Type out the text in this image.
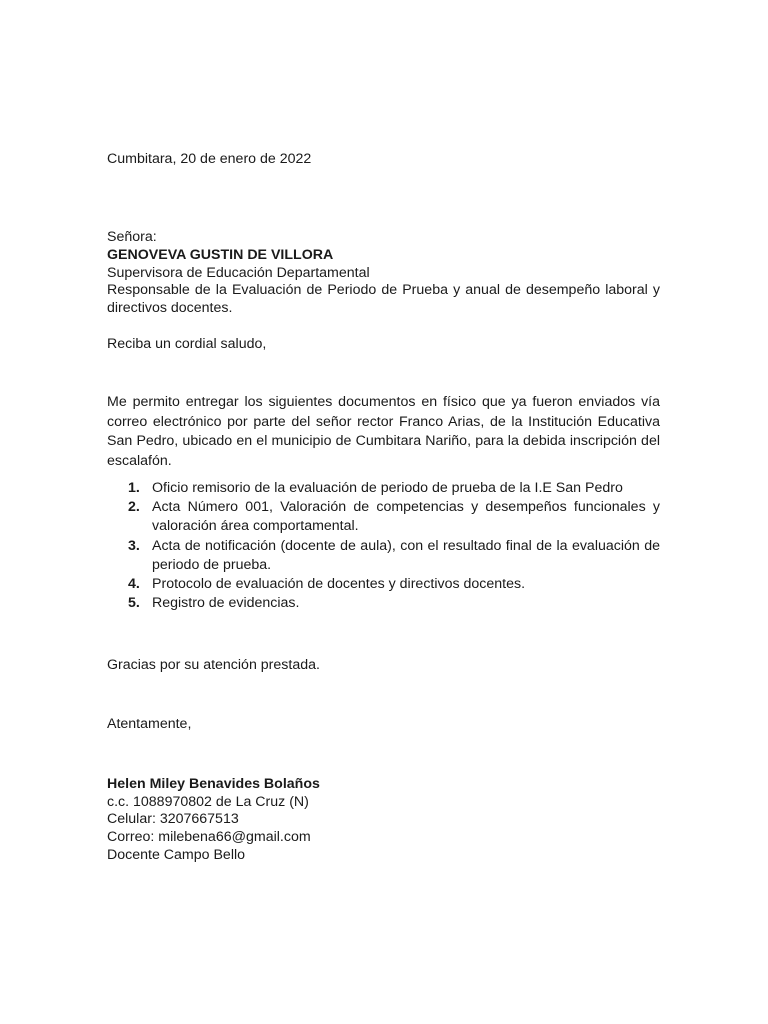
Cumbitara, 20 de enero de 2022
Señora:
GENOVEVA GUSTIN DE VILLORA
Supervisora de Educación Departamental
Responsable de la Evaluación de Periodo de Prueba y anual de desempeño laboral y directivos docentes.
Reciba un cordial saludo,
Me permito entregar los siguientes documentos en físico que ya fueron enviados vía correo electrónico por parte del señor rector Franco Arias, de la Institución Educativa San Pedro, ubicado en el municipio de Cumbitara Nariño, para la debida inscripción del escalafón.
1. Oficio remisorio de la evaluación de periodo de prueba de la I.E San Pedro
2. Acta Número 001, Valoración de competencias y desempeños funcionales y valoración área comportamental.
3. Acta de notificación (docente de aula), con el resultado final de la evaluación de periodo de prueba.
4. Protocolo de evaluación de docentes y directivos docentes.
5. Registro de evidencias.
Gracias por su atención prestada.
Atentamente,
Helen Miley Benavides Bolaños
c.c. 1088970802 de La Cruz (N)
Celular: 3207667513
Correo: milebena66@gmail.com
Docente Campo Bello
